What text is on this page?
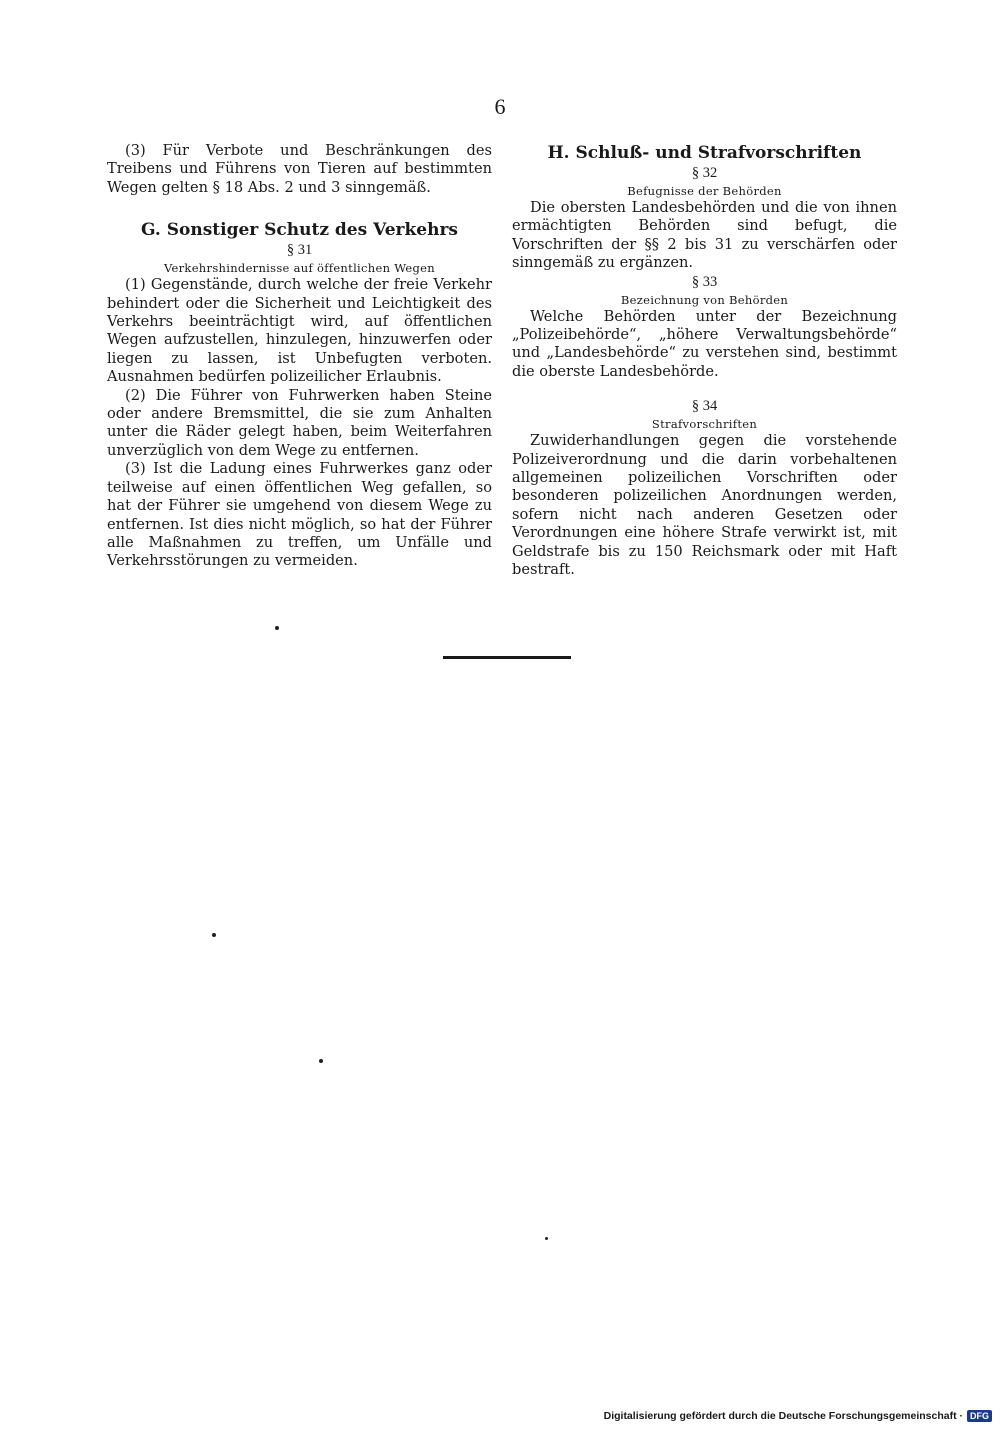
6

(3) Für Verbote und Beschränkungen des Treibens und Führens von Tieren auf bestimmten Wegen gelten § 18 Abs. 2 und 3 sinngemäß.

G. Sonstiger Schutz des Verkehrs
§ 31
Verkehrshindernisse auf öffentlichen Wegen

(1) Gegenstände, durch welche der freie Verkehr behindert oder die Sicherheit und Leichtigkeit des Verkehrs beeinträchtigt wird, auf öffentlichen Wegen aufzustellen, hinzulegen, hinzuwerfen oder liegen zu lassen, ist Unbefugten verboten. Ausnahmen bedürfen polizeilicher Erlaubnis.

(2) Die Führer von Fuhrwerken haben Steine oder andere Bremsmittel, die sie zum Anhalten unter die Räder gelegt haben, beim Weiterfahren unverzüglich von dem Wege zu entfernen.

(3) Ist die Ladung eines Fuhrwerkes ganz oder teilweise auf einen öffentlichen Weg gefallen, so hat der Führer sie umgehend von diesem Wege zu entfernen. Ist dies nicht möglich, so hat der Führer alle Maßnahmen zu treffen, um Unfälle und Verkehrsstörungen zu vermeiden.

H. Schluß- und Strafvorschriften
§ 32
Befugnisse der Behörden

Die obersten Landesbehörden und die von ihnen ermächtigten Behörden sind befugt, die Vorschriften der §§ 2 bis 31 zu verschärfen oder sinngemäß zu ergänzen.

§ 33
Bezeichnung von Behörden

Welche Behörden unter der Bezeichnung „Polizeibehörde“, „höhere Verwaltungsbehörde“ und „Landesbehörde“ zu verstehen sind, bestimmt die oberste Landesbehörde.

§ 34
Strafvorschriften

Zuwiderhandlungen gegen die vorstehende Polizeiverordnung und die darin vorbehaltenen allgemeinen polizeilichen Vorschriften oder besonderen polizeilichen Anordnungen werden, sofern nicht nach anderen Gesetzen oder Verordnungen eine höhere Strafe verwirkt ist, mit Geldstrafe bis zu 150 Reichsmark oder mit Haft bestraft.

Digitalisierung gefördert durch die Deutsche Forschungsgemeinschaft · DFG
